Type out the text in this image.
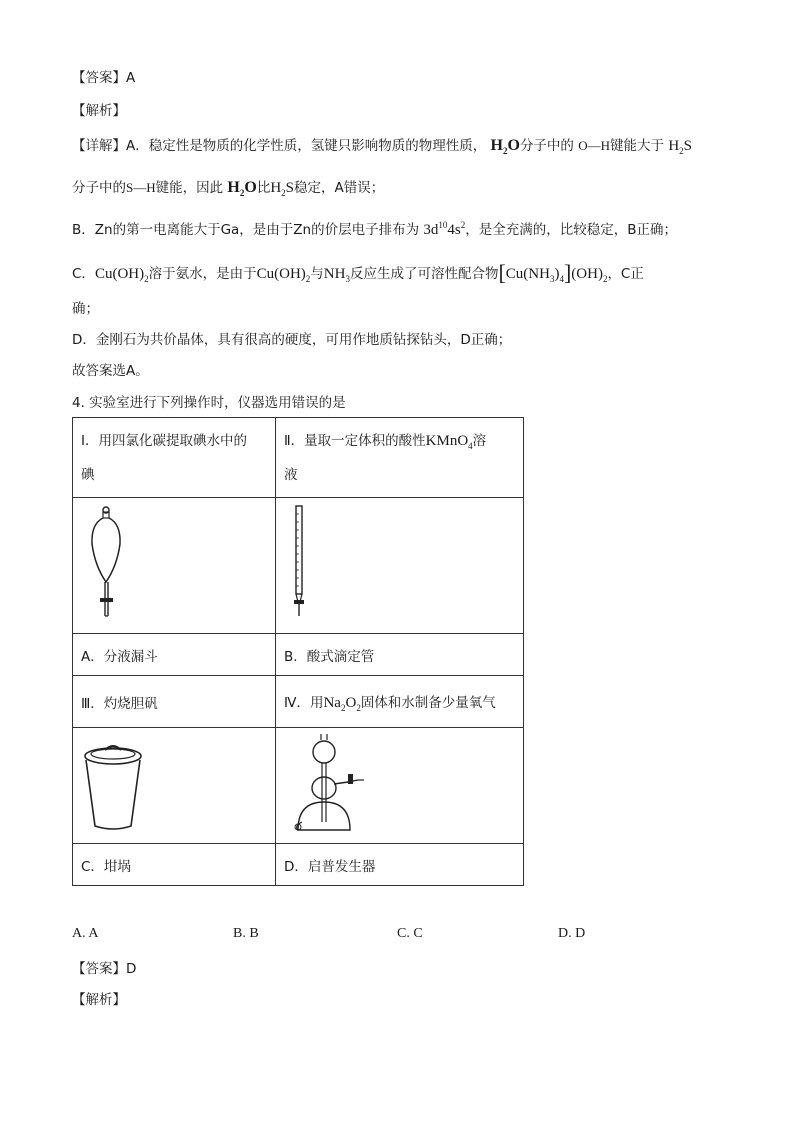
【答案】A
【解析】
【详解】A．稳定性是物质的化学性质，氢键只影响物质的物理性质， $H_2O$分子中的 O—H键能大于 $H_2S$
分子中的S—H键能，因此 $H_2O$比$H_2S$稳定，A错误；
B．Zn的第一电离能大于Ga，是由于Zn的价层电子排布为 $3d^{10}4s^2$，是全充满的，比较稳定，B正确；
C．$Cu(OH)_2$溶于氨水，是由于$Cu(OH)_2$与$NH_3$反应生成了可溶性配合物$[Cu(NH_3)_4](OH)_2$，C正
确；
D．金刚石为共价晶体，具有很高的硬度，可用作地质钻探钻头，D正确；
故答案选A。
4. 实验室进行下列操作时，仪器选用错误的是
Ⅰ．用四氯化碳提取碘水中的
碘	Ⅱ．量取一定体积的酸性KMnO$_4$溶
液

A．分液漏斗	B．酸式滴定管
Ⅲ．灼烧胆矾	Ⅳ．用$Na_2O_2$固体和水制备少量氧气

C．坩埚	D．启普发生器
A. A	B. B	C. C	D. D
【答案】D
【解析】
